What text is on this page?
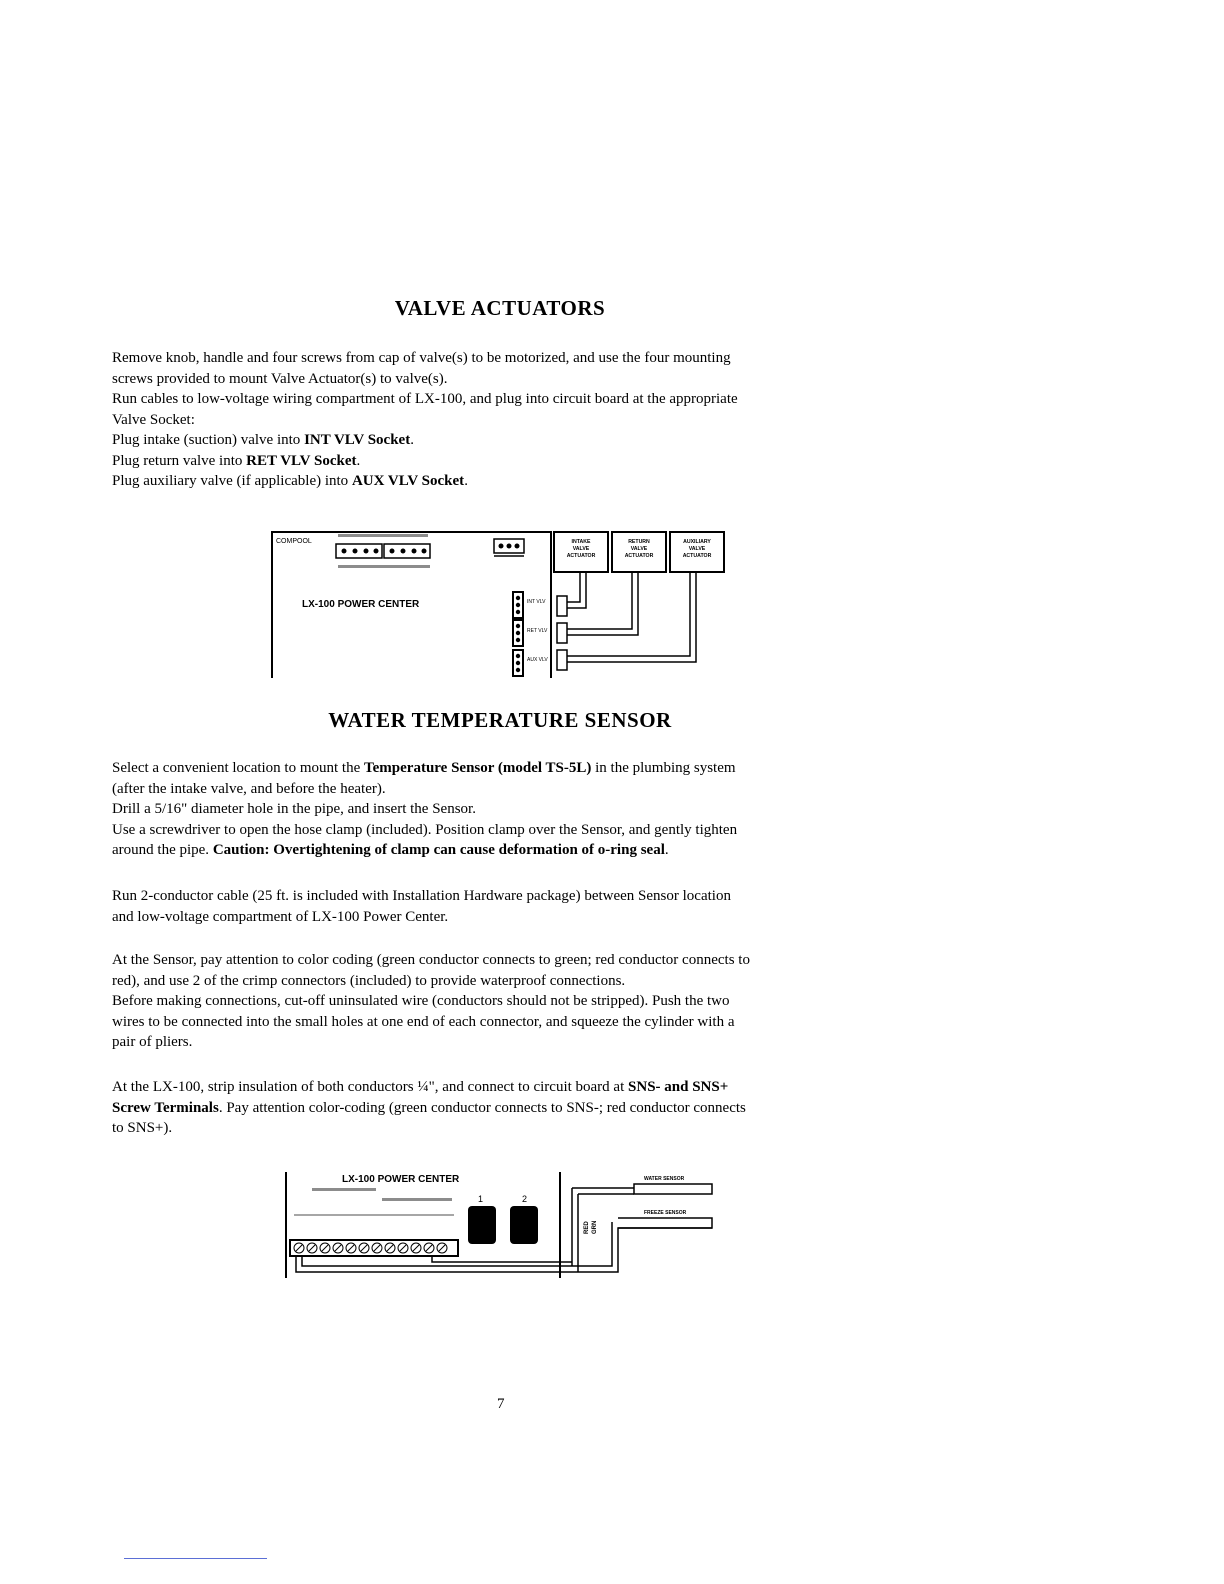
VALVE ACTUATORS
Remove knob, handle and four screws from cap of valve(s) to be motorized, and use the four mounting
screws provided to mount Valve Actuator(s) to valve(s).
Run cables to low-voltage wiring compartment of LX-100, and plug into circuit board at the appropriate
Valve Socket:
Plug intake (suction) valve into INT VLV Socket.
Plug return valve into RET VLV Socket.
Plug auxiliary valve (if applicable) into AUX VLV Socket.
COMPOOL
LX-100 POWER CENTER	INT VLV
RET VLV
AUX VLV
INTAKE
VALVE
ACTUATOR
RETURN
VALVE
ACTUATOR
AUXILIARY
VALVE
ACTUATOR
WATER TEMPERATURE SENSOR
Select a convenient location to mount the Temperature Sensor (model TS-5L) in the plumbing system
(after the intake valve, and before the heater).
Drill a 5/16" diameter hole in the pipe, and insert the Sensor.
Use a screwdriver to open the hose clamp (included). Position clamp over the Sensor, and gently tighten
around the pipe. Caution: Overtightening of clamp can cause deformation of o-ring seal.
Run 2-conductor cable (25 ft. is included with Installation Hardware package) between Sensor location
and low-voltage compartment of LX-100 Power Center.
At the Sensor, pay attention to color coding (green conductor connects to green; red conductor connects to
red), and use 2 of the crimp connectors (included) to provide waterproof connections.
Before making connections, cut-off uninsulated wire (conductors should not be stripped). Push the two
wires to be connected into the small holes at one end of each connector, and squeeze the cylinder with a
pair of pliers.
At the LX-100, strip insulation of both conductors ¼", and connect to circuit board at SNS- and SNS+
Screw Terminals. Pay attention color-coding (green conductor connects to SNS-; red conductor connects
to SNS+).
LX-100 POWER CENTER
1	2
WATER SENSOR
FREEZE SENSOR
RED GRN
7
